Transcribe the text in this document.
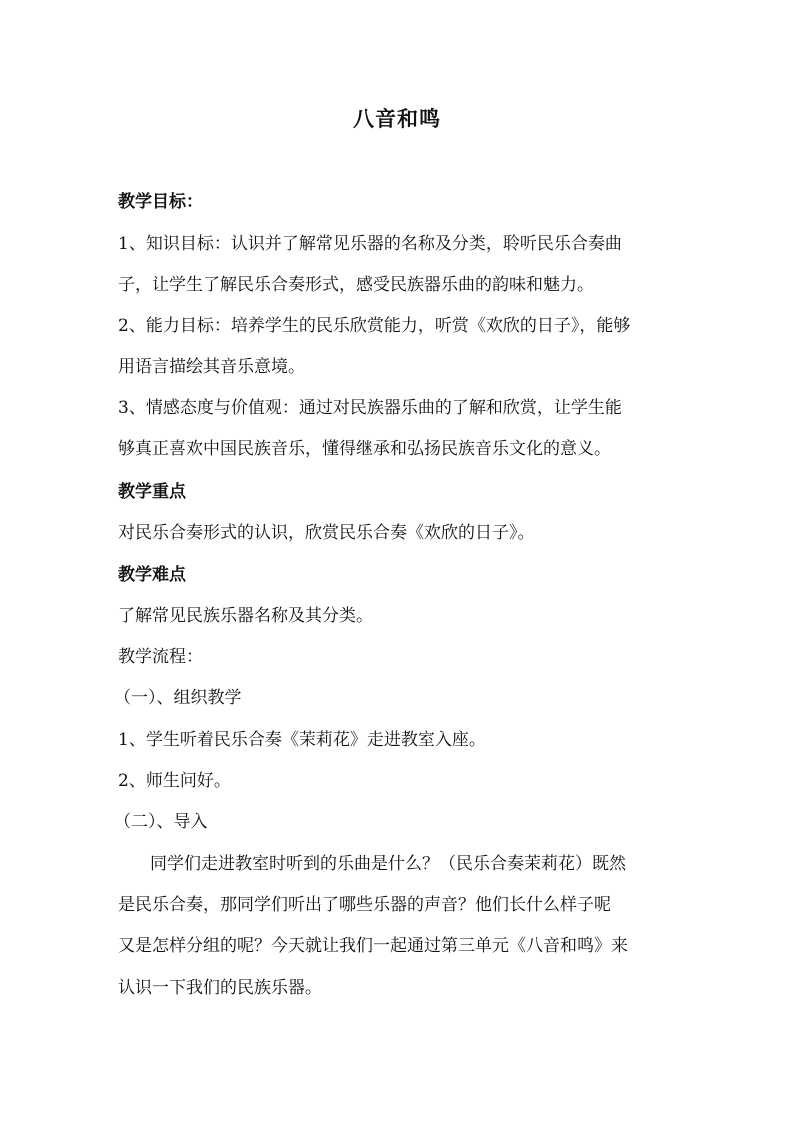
八音和鸣
教学目标：
1、知识目标：认识并了解常见乐器的名称及分类，聆听民乐合奏曲
子，让学生了解民乐合奏形式，感受民族器乐曲的韵味和魅力。
2、能力目标：培养学生的民乐欣赏能力，听赏《欢欣的日子》，能够
用语言描绘其音乐意境。
3、情感态度与价值观：通过对民族器乐曲的了解和欣赏，让学生能
够真正喜欢中国民族音乐，懂得继承和弘扬民族音乐文化的意义。
教学重点
对民乐合奏形式的认识，欣赏民乐合奏《欢欣的日子》。
教学难点
了解常见民族乐器名称及其分类。
教学流程：
（一）、组织教学
1、学生听着民乐合奏《茉莉花》走进教室入座。
2、师生问好。
（二）、导入
同学们走进教室时听到的乐曲是什么？（民乐合奏茉莉花）既然
是民乐合奏，那同学们听出了哪些乐器的声音？他们长什么样子呢
又是怎样分组的呢？今天就让我们一起通过第三单元《八音和鸣》来
认识一下我们的民族乐器。
